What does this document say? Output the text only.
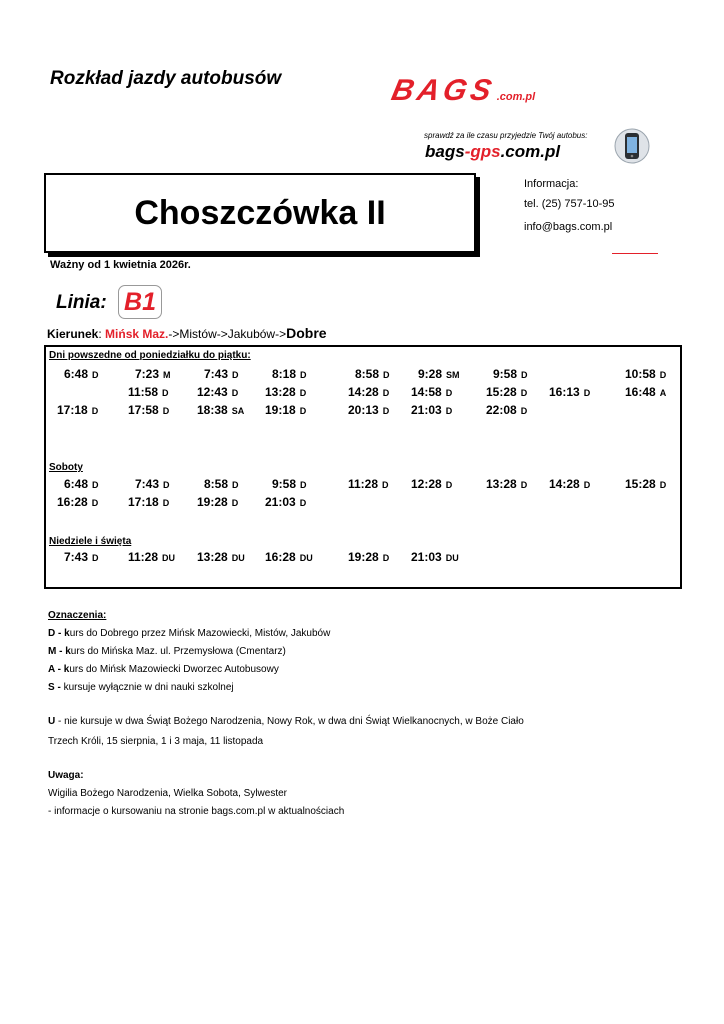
Rozkład jazdy autobusów	BAGS.com.pl
sprawdź za ile czasu przyjedzie Twój autobus:
bags-gps.com.pl
Choszczówka II
Informacja:
tel. (25) 757-10-95
info@bags.com.pl
Ważny od 1 kwietnia 2026r.
Linia: B1
Kierunek: Mińsk Maz.->Mistów->Jakubów->Dobre
Dni powszedne od poniedziałku do piątku:
Soboty
Niedziele i święta
6:48 D	7:23 M	7:43 D	8:18 D	8:58 D 9:28 SM	9:58 D	10:58 D
11:58 D 12:43 D 13:28 D	14:28 D 14:58 D	15:28 D 16:13 D	16:48 A
17:18 D 17:58 D 18:38 SA 19:18 D	20:13 D 21:03 D	22:08 D
6:48 D	7:43 D	8:58 D	9:58 D	11:28 D 12:28 D	13:28 D 14:28 D	15:28 D
16:28 D 17:18 D 19:28 D 21:03 D
7:43 D 11:28 DU 13:28 DU 16:28 DU	19:28 D 21:03 DU
Oznaczenia:
D - kurs do Dobrego przez Mińsk Mazowiecki, Mistów, Jakubów
M - kurs do Mińska Maz. ul. Przemysłowa (Cmentarz)
A - kurs do Mińsk Mazowiecki Dworzec Autobusowy
S - kursuje wyłącznie w dni nauki szkolnej
U - nie kursuje w dwa Świąt Bożego Narodzenia, Nowy Rok, w dwa dni Świąt Wielkanocnych, w Boże Ciało
Trzech Króli, 15 sierpnia, 1 i 3 maja, 11 listopada
Uwaga:
Wigilia Bożego Narodzenia, Wielka Sobota, Sylwester
- informacje o kursowaniu na stronie bags.com.pl w aktualnościach
